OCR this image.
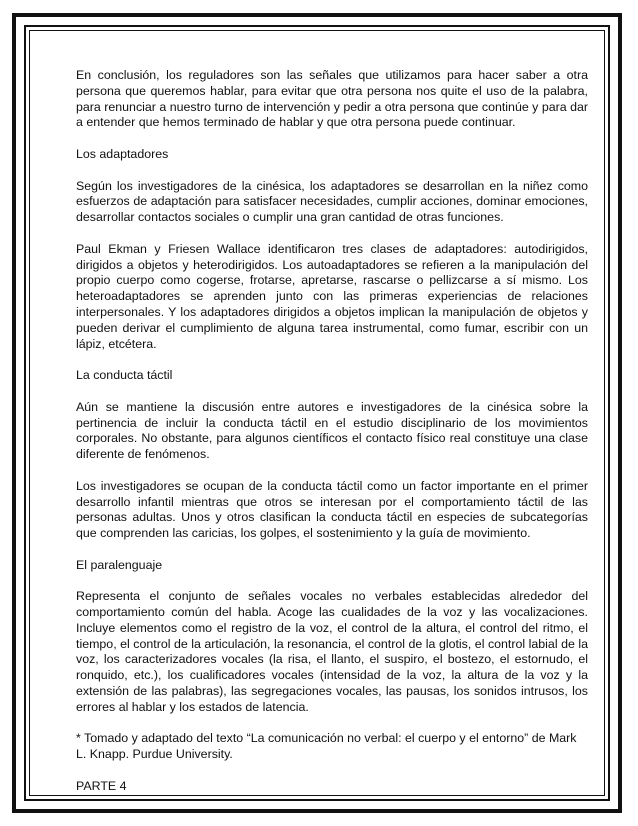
En conclusión, los reguladores son las señales que utilizamos para hacer saber a otra persona que queremos hablar, para evitar que otra persona nos quite el uso de la palabra, para renunciar a nuestro turno de intervención y pedir a otra persona que continúe y para dar a entender que hemos terminado de hablar y que otra persona puede continuar.

Los adaptadores

Según los investigadores de la cinésica, los adaptadores se desarrollan en la niñez como esfuerzos de adaptación para satisfacer necesidades, cumplir acciones, dominar emociones, desarrollar contactos sociales o cumplir una gran cantidad de otras funciones.

Paul Ekman y Friesen Wallace identificaron tres clases de adaptadores: autodirigidos, dirigidos a objetos y heterodirigidos. Los autoadaptadores se refieren a la manipulación del propio cuerpo como cogerse, frotarse, apretarse, rascarse o pellizcarse a sí mismo. Los heteroadaptadores se aprenden junto con las primeras experiencias de relaciones interpersonales. Y los adaptadores dirigidos a objetos implican la manipulación de objetos y pueden derivar el cumplimiento de alguna tarea instrumental, como fumar, escribir con un lápiz, etcétera.

La conducta táctil

Aún se mantiene la discusión entre autores e investigadores de la cinésica sobre la pertinencia de incluir la conducta táctil en el estudio disciplinario de los movimientos corporales. No obstante, para algunos científicos el contacto físico real constituye una clase diferente de fenómenos.

Los investigadores se ocupan de la conducta táctil como un factor importante en el primer desarrollo infantil mientras que otros se interesan por el comportamiento táctil de las personas adultas. Unos y otros clasifican la conducta táctil en especies de subcategorías que comprenden las caricias, los golpes, el sostenimiento y la guía de movimiento.

El paralenguaje

Representa el conjunto de señales vocales no verbales establecidas alrededor del comportamiento común del habla. Acoge las cualidades de la voz y las vocalizaciones. Incluye elementos como el registro de la voz, el control de la altura, el control del ritmo, el tiempo, el control de la articulación, la resonancia, el control de la glotis, el control labial de la voz, los caracterizadores vocales (la risa, el llanto, el suspiro, el bostezo, el estornudo, el ronquido, etc.), los cualificadores vocales (intensidad de la voz, la altura de la voz y la extensión de las palabras), las segregaciones vocales, las pausas, los sonidos intrusos, los errores al hablar y los estados de latencia.

* Tomado y adaptado del texto “La comunicación no verbal: el cuerpo y el entorno” de Mark L. Knapp. Purdue University.

PARTE 4
